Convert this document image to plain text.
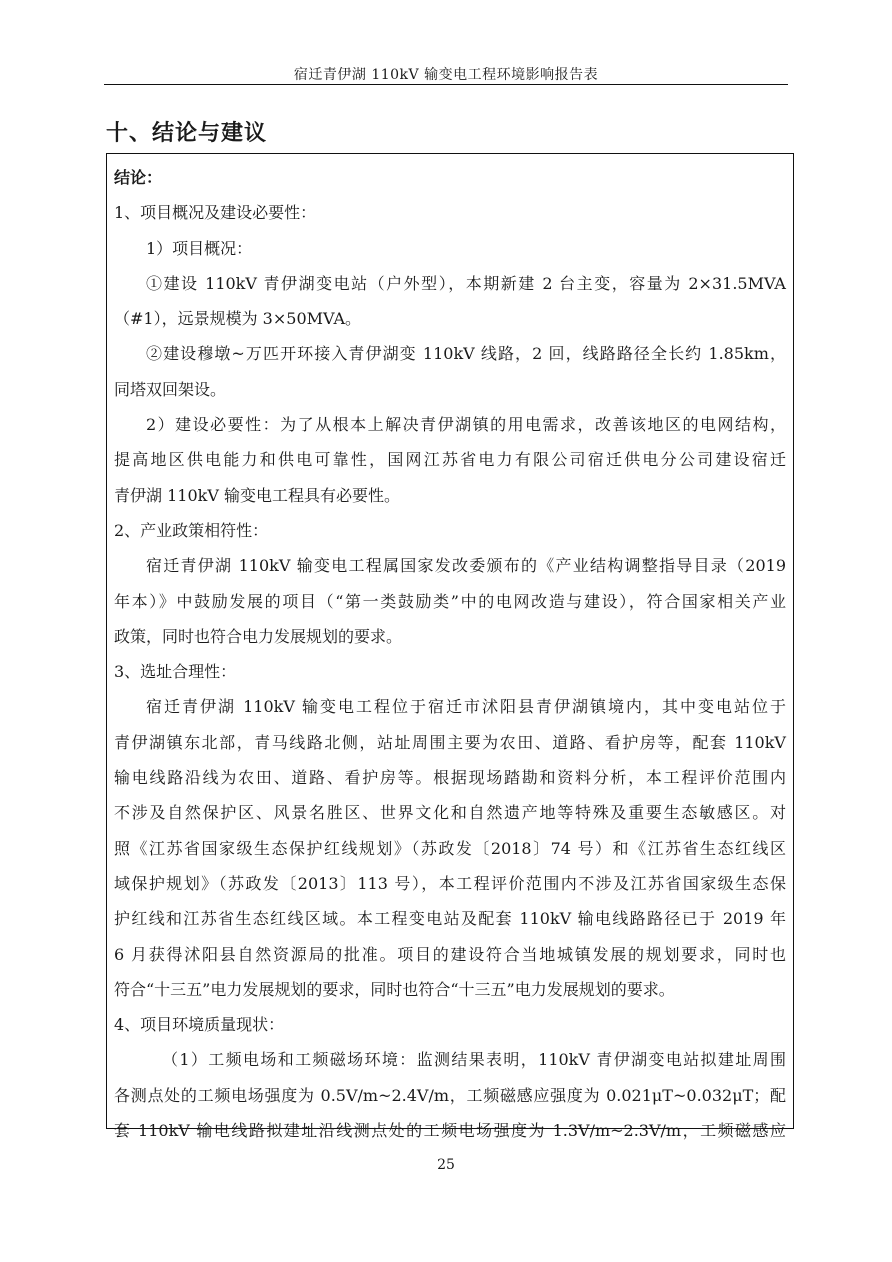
宿迁青伊湖 110kV 输变电工程环境影响报告表
十、结论与建议
结论：
1、项目概况及建设必要性：
1）项目概况：
①建设 110kV 青伊湖变电站（户外型），本期新建 2 台主变，容量为 2×31.5MVA
（#1），远景规模为 3×50MVA。
②建设穆墩~万匹开环接入青伊湖变 110kV 线路，2 回，线路路径全长约 1.85km，
同塔双回架设。
2）建设必要性：为了从根本上解决青伊湖镇的用电需求，改善该地区的电网结构，
提高地区供电能力和供电可靠性，国网江苏省电力有限公司宿迁供电分公司建设宿迁
青伊湖 110kV 输变电工程具有必要性。
2、产业政策相符性：
宿迁青伊湖 110kV 输变电工程属国家发改委颁布的《产业结构调整指导目录（2019
年本）》中鼓励发展的项目（“第一类鼓励类”中的电网改造与建设），符合国家相关产业
政策，同时也符合电力发展规划的要求。
3、选址合理性：
宿迁青伊湖 110kV 输变电工程位于宿迁市沭阳县青伊湖镇境内，其中变电站位于
青伊湖镇东北部，青马线路北侧，站址周围主要为农田、道路、看护房等，配套 110kV
输电线路沿线为农田、道路、看护房等。根据现场踏勘和资料分析，本工程评价范围内
不涉及自然保护区、风景名胜区、世界文化和自然遗产地等特殊及重要生态敏感区。对
照《江苏省国家级生态保护红线规划》（苏政发〔2018〕74 号）和《江苏省生态红线区
域保护规划》（苏政发〔2013〕113 号），本工程评价范围内不涉及江苏省国家级生态保
护红线和江苏省生态红线区域。本工程变电站及配套 110kV 输电线路路径已于 2019 年
6 月获得沭阳县自然资源局的批准。项目的建设符合当地城镇发展的规划要求，同时也
符合“十三五”电力发展规划的要求，同时也符合“十三五”电力发展规划的要求。
4、项目环境质量现状：
（1）工频电场和工频磁场环境：监测结果表明，110kV 青伊湖变电站拟建址周围
各测点处的工频电场强度为 0.5V/m~2.4V/m，工频磁感应强度为 0.021μT~0.032μT；配
套 110kV 输电线路拟建址沿线测点处的工频电场强度为 1.3V/m~2.3V/m，工频磁感应
25
